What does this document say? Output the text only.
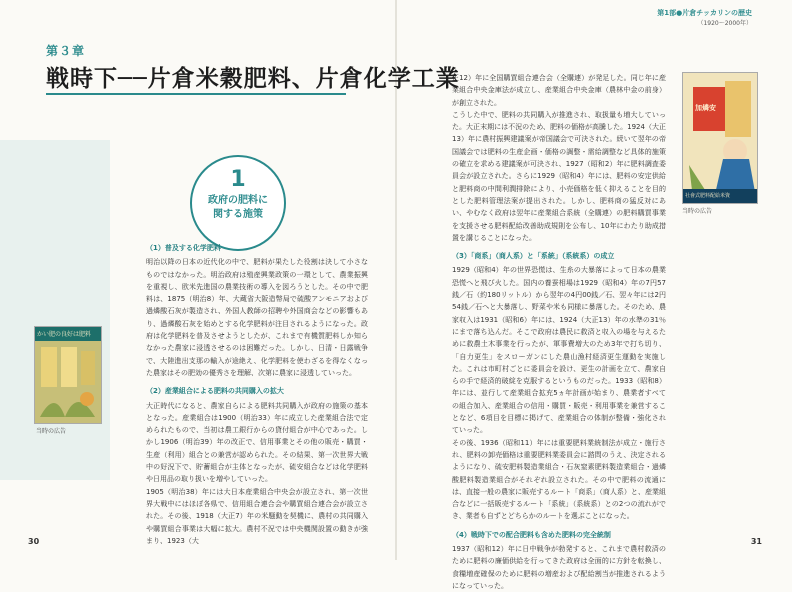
第1部●片倉チッカリンの歴史
（1920〜2000年）
第３章
戦時下──片倉米穀肥料、片倉化学工業
1
政府の肥料に関する施策
かい肥の良好は肥料
当時の広告
加燐安
社會式肥料配給米資
当時の広告
（1）普及する化学肥料

明治以降の日本の近代化の中で、肥料が果たした役割は決して小さなものではなかった。明治政府は殖産興業政策の一環として、農業振興を重視し、欧米先進国の農業技術の導入を図ろうとした。その中で肥料は、1875（明治8）年、大蔵省大阪造幣局で硫酸アンモニアおよび過燐酸石灰が製造され、外国人教師の招聘や外国商会などの影響もあり、過燐酸石灰を始めとする化学肥料が注目されるようになった。政府は化学肥料を普及させようとしたが、これまで有機質肥料しか知らなかった農家に浸透させるのは困難だった。しかし、日清・日露戦争で、大陸進出支那の輸入が途絶え、化学肥料を使わざるを得なくなった農家はその肥効の優秀さを理解、次第に農家に浸透していった。

（2）産業組合による肥料の共同購入の拡大

大正時代になると、農家自らによる肥料共同購入が政府の施策の基本となった。産業組合は1900（明治33）年に成立した産業組合法で定められたもので、当初は農工銀行からの貸付組合が中心であった。しかし1906（明治39）年の改正で、信用事業とその他の販売・購買・生産（利用）組合との兼営が認められた。その結果、第一次世界大戦中の好況下で、貯蓄組合が主体となったが、硫安組合などは化学肥料や日用品の取り扱いを増やしていった。

1905（明治38）年には大日本産業組合中央会が設立され、第一次世界大戦中にはほぼ各県で、信用組合連合会や購買組合連合会が設立された。その後、1918（大正7）年の米騒動を契機に、農村の共同購入や購買組合事業は大幅に拡大。農村不況では中央機関設置の動きが強まり、1923（大

正12）年に全国購買組合連合会（全購連）が発足した。同じ年に産業組合中央金庫法が成立し、産業組合中央金庫（農林中金の前身）が創立された。

こうした中で、肥料の共同購入が推進され、取扱量も増大していった。大正末期には不況のため、肥料の価格が高騰した。1924（大正13）年に農村振興建議案が帝国議会で可決された。続いて翌年の帝国議会では肥料の生産企画・価格の調整・需給調整など具体的施策の確立を求める建議案が可決され、1927（昭和2）年に肥料調査委員会が設立された。さらに1929（昭和4）年には、肥料の安定供給と肥料商の中間利潤排除により、小売価格を低く抑えることを目的とした肥料管理法案が提出された。しかし、肥料商の猛反対にあい、やむなく政府は翌年に産業組合系統（全購連）の肥料購買事業を支援させる肥料配給改善助成規則を公布し、10年にわたり助成措置を講じることになった。

（3）「商系」（商人系）と「系統」（系統系）の成立

1929（昭和4）年の世界恐慌は、生糸の大暴落によって日本の農業恐慌へと飛び火した。国内の養蚕相場は1929（昭和4）年の7円57銭／石（約180リットル）から翌年の4円00銭／石、翌々年には2円54銭／石へと大暴落し、野菜や米も同様に暴落した。そのため、農家収入は1931（昭和6）年には、1924（大正13）年の水準の31％にまで落ち込んだ。そこで政府は農民に救済と収入の場を与えるために救農土木事業を行ったが、軍事費増大のため3年で打ち切り、「自力更生」をスローガンにした農山漁村経済更生運動を実施した。これは市町村ごとに委員会を設け、更生の計画を立て、農家自らの手で経済的破綻を克服するというものだった。1933（昭和8）年には、並行して産業組合拡充5ヵ年計画が始まり、農業者すべての組合加入、産業組合の信用・購買・販売・利用事業を兼営することなど、6項目を目標に掲げて、産業組合の体制が整備・強化されていった。

その後、1936（昭和11）年には重要肥料業統制法が成立・施行され、肥料の卸売価格は重要肥料業委員会に諮問のうえ、決定されるようになり、硫安肥料製造業組合・石灰窒素肥料製造業組合・過燐酸肥料製造業組合がそれぞれ設立された。その中で肥料の流通には、直接一般の農家に販売するルート「商系」（商人系）と、産業組合などに一括販売するルート「系統」（系統系）との2つの流れができ、業者も自ずとどちらかのルートを選ぶことになった。

（4）戦時下での配合肥料も含めた肥料の完全統制

1937（昭和12）年に日中戦争が勃発すると、これまで農村救済のために肥料の廉価供給を行ってきた政府は全面的に方針を転換し、食糧増産確保のために肥料の増産および配給割当が推進されるようになっていった。

30	31
